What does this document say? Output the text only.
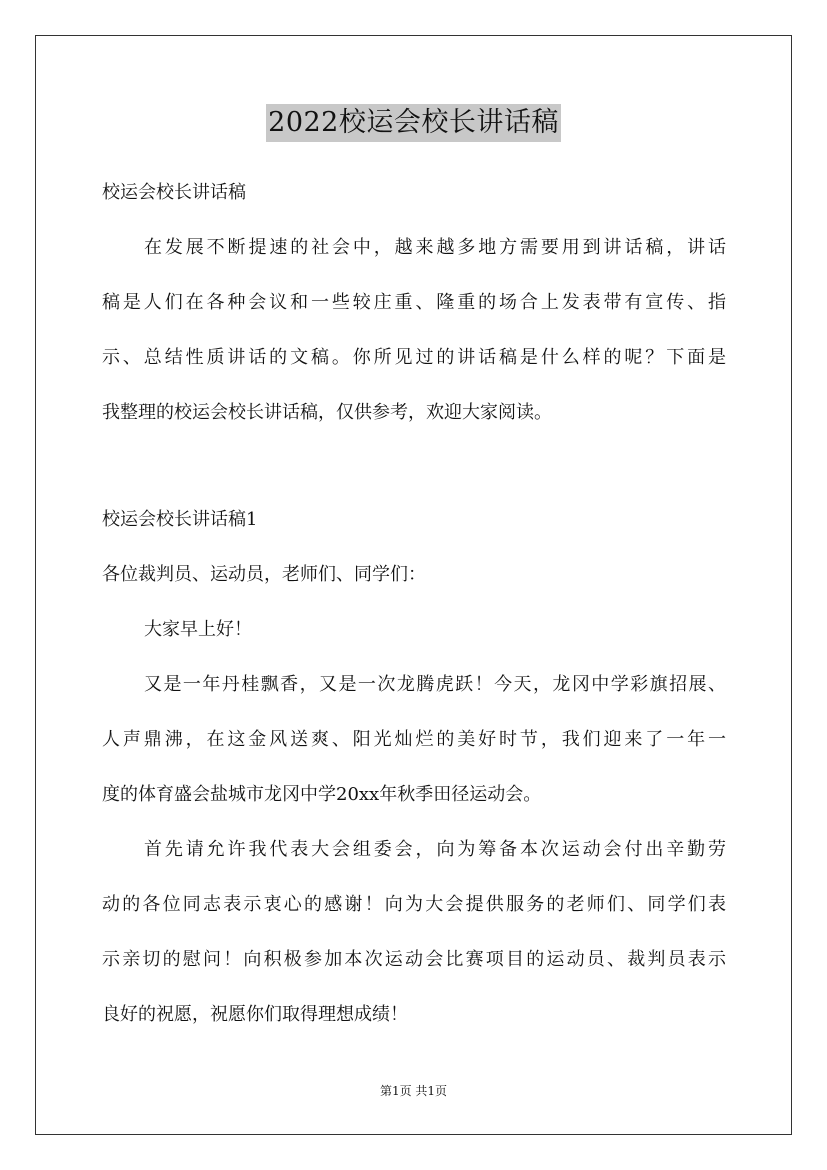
2022校运会校长讲话稿
校运会校长讲话稿
在发展不断提速的社会中，越来越多地方需要用到讲话稿，讲话
稿是人们在各种会议和一些较庄重、隆重的场合上发表带有宣传、指
示、总结性质讲话的文稿。你所见过的讲话稿是什么样的呢？下面是
我整理的校运会校长讲话稿，仅供参考，欢迎大家阅读。
校运会校长讲话稿1
各位裁判员、运动员，老师们、同学们：
大家早上好！
又是一年丹桂飘香，又是一次龙腾虎跃！今天，龙冈中学彩旗招展、
人声鼎沸，在这金风送爽、阳光灿烂的美好时节，我们迎来了一年一
度的体育盛会盐城市龙冈中学20xx年秋季田径运动会。
首先请允许我代表大会组委会，向为筹备本次运动会付出辛勤劳
动的各位同志表示衷心的感谢！向为大会提供服务的老师们、同学们表
示亲切的慰问！向积极参加本次运动会比赛项目的运动员、裁判员表示
良好的祝愿，祝愿你们取得理想成绩！
第1页 共1页
